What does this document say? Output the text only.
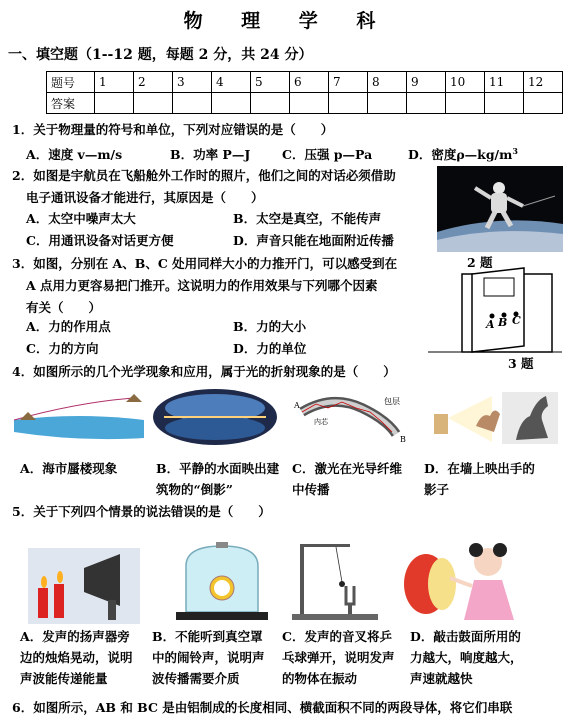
物 理 学 科
一、填空题（1--12 题，每题 2 分，共 24 分）
题号	1	2	3	4	5	6	7	8	9	10	11	12
答案												
1．关于物理量的符号和单位，下列对应错误的是（　　）
A．速度 v—m/s	B．功率 P—J	C．压强 p—Pa	D．密度$\rho—kg/m^3$
2．如图是宇航员在飞船舱外工作时的照片，他们之间的对话必须借助
电子通讯设备才能进行，其原因是（　　）
A．太空中噪声太大	B．太空是真空，不能传声
C．用通讯设备对话更方便	D．声音只能在地面附近传播
2 题
3．如图，分别在 A、B、C 处用同样大小的力推开门，可以感受到在
A 点用力更容易把门推开。这说明力的作用效果与下列哪个因素
有关（　　）
A．力的作用点	B．力的大小
C．力的方向	D．力的单位
A B C
3 题
4．如图所示的几个光学现象和应用，属于光的折射现象的是（　　）
A	包层
内芯
B
A．海市蜃楼现象	B．平静的水面映出建
筑物的“倒影”
C．激光在光导纤维
中传播
D．在墙上映出手的
影子
5．关于下列四个情景的说法错误的是（　　）
A．发声的扬声器旁
边的烛焰晃动，说明
声波能传递能量
B．不能听到真空罩
中的闹铃声，说明声
波传播需要介质
C．发声的音叉将乒
乓球弹开，说明发声
的物体在振动
D．敲击鼓面所用的
力越大，响度越大，
声速就越快
6．如图所示，AB 和 BC 是由铝制成的长度相同、横截面积不同的两段导体，将它们串联
